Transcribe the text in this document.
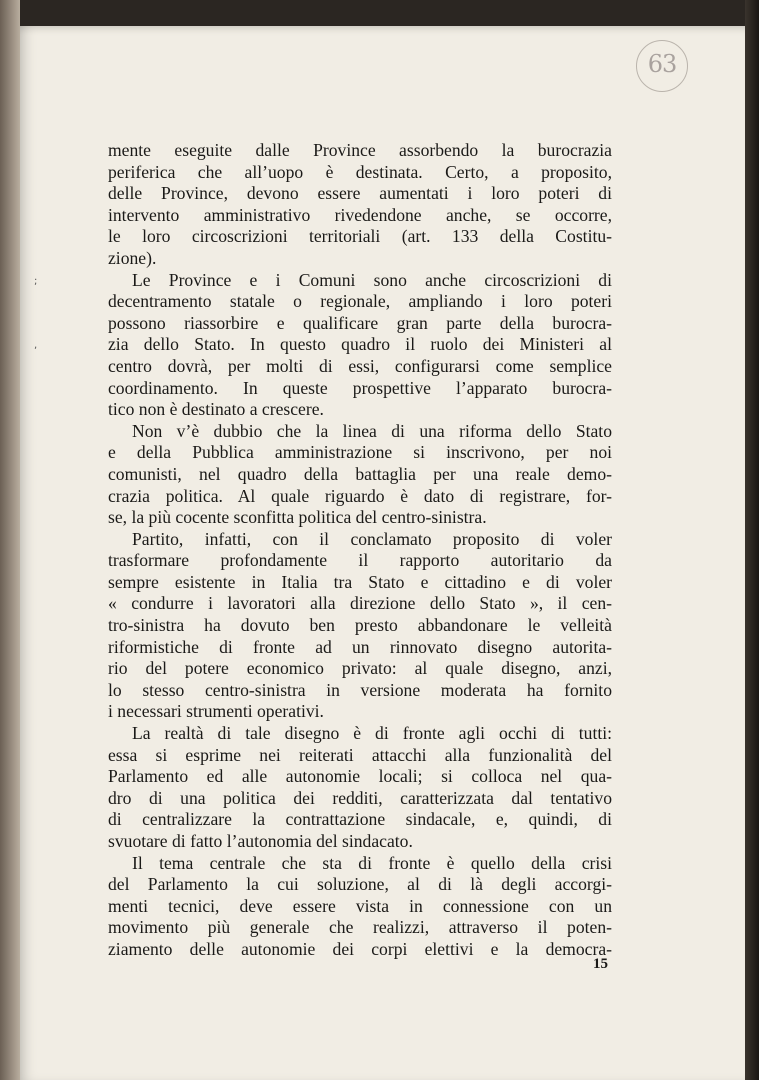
63
;
,

mente eseguite dalle Province assorbendo la burocrazia
periferica che all’uopo è destinata. Certo, a proposito,
delle Province, devono essere aumentati i loro poteri di
intervento amministrativo rivedendone anche, se occorre,
le loro circoscrizioni territoriali (art. 133 della Costitu-
zione).

Le Province e i Comuni sono anche circoscrizioni di
decentramento statale o regionale, ampliando i loro poteri
possono riassorbire e qualificare gran parte della burocra-
zia dello Stato. In questo quadro il ruolo dei Ministeri al
centro dovrà, per molti di essi, configurarsi come semplice
coordinamento. In queste prospettive l’apparato burocra-
tico non è destinato a crescere.

Non v’è dubbio che la linea di una riforma dello Stato
e della Pubblica amministrazione si inscrivono, per noi
comunisti, nel quadro della battaglia per una reale demo-
crazia politica. Al quale riguardo è dato di registrare, for-
se, la più cocente sconfitta politica del centro-sinistra.

Partito, infatti, con il conclamato proposito di voler
trasformare profondamente il rapporto autoritario da
sempre esistente in Italia tra Stato e cittadino e di voler
« condurre i lavoratori alla direzione dello Stato », il cen-
tro-sinistra ha dovuto ben presto abbandonare le velleità
riformistiche di fronte ad un rinnovato disegno autorita-
rio del potere economico privato: al quale disegno, anzi,
lo stesso centro-sinistra in versione moderata ha fornito
i necessari strumenti operativi.

La realtà di tale disegno è di fronte agli occhi di tutti:
essa si esprime nei reiterati attacchi alla funzionalità del
Parlamento ed alle autonomie locali; si colloca nel qua-
dro di una politica dei redditi, caratterizzata dal tentativo
di centralizzare la contrattazione sindacale, e, quindi, di
svuotare di fatto l’autonomia del sindacato.

Il tema centrale che sta di fronte è quello della crisi
del Parlamento la cui soluzione, al di là degli accorgi-
menti tecnici, deve essere vista in connessione con un
movimento più generale che realizzi, attraverso il poten-
ziamento delle autonomie dei corpi elettivi e la democra-

15
